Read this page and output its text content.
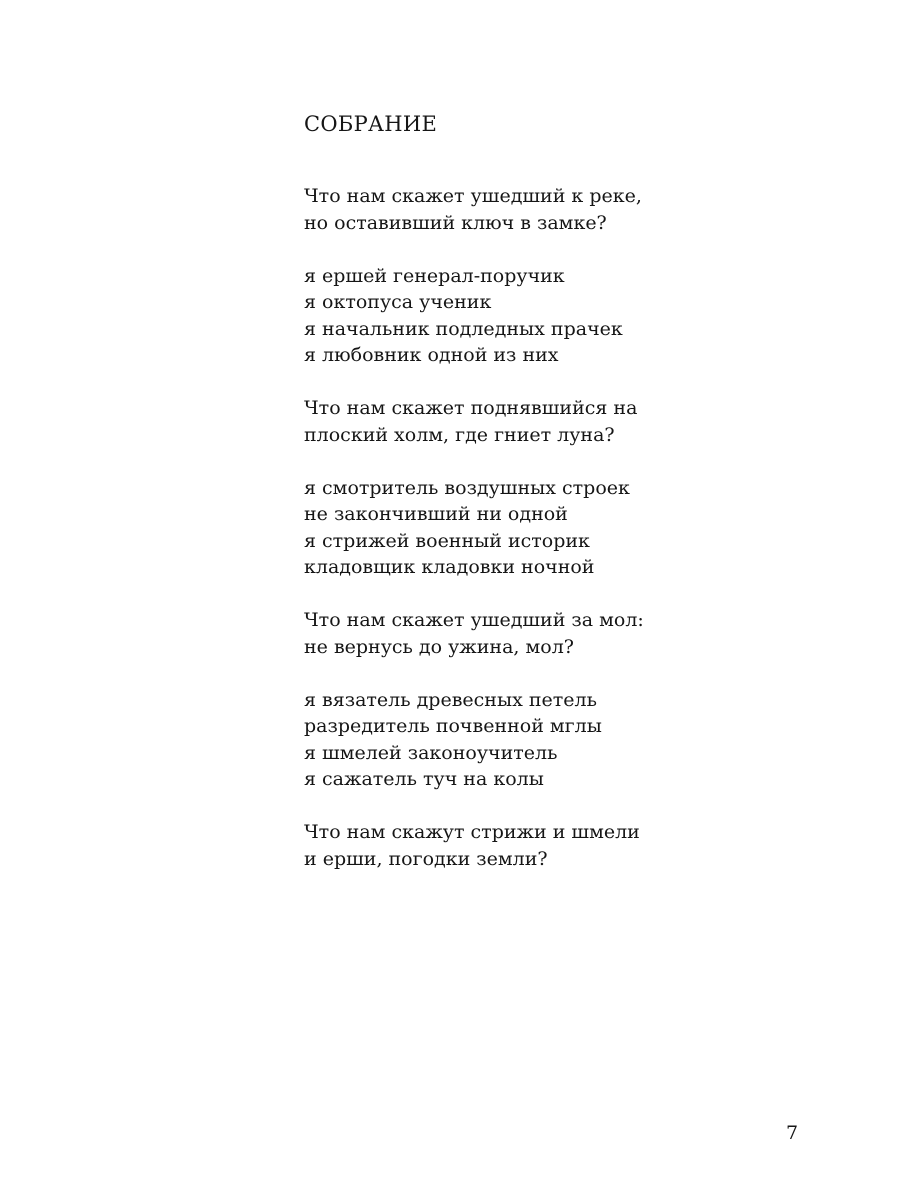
СОБРАНИЕ
Что нам скажет ушедший к реке,
но оставивший ключ в замке?
я ершей генерал-поручик
я октопуса ученик
я начальник подледных прачек
я любовник одной из них
Что нам скажет поднявшийся на
плоский холм, где гниет луна?
я смотритель воздушных строек
не закончивший ни одной
я стрижей военный историк
кладовщик кладовки ночной
Что нам скажет ушедший за мол:
не вернусь до ужина, мол?
я вязатель древесных петель
разредитель почвенной мглы
я шмелей законоучитель
я сажатель туч на колы
Что нам скажут стрижи и шмели
и ерши, погодки земли?
7
